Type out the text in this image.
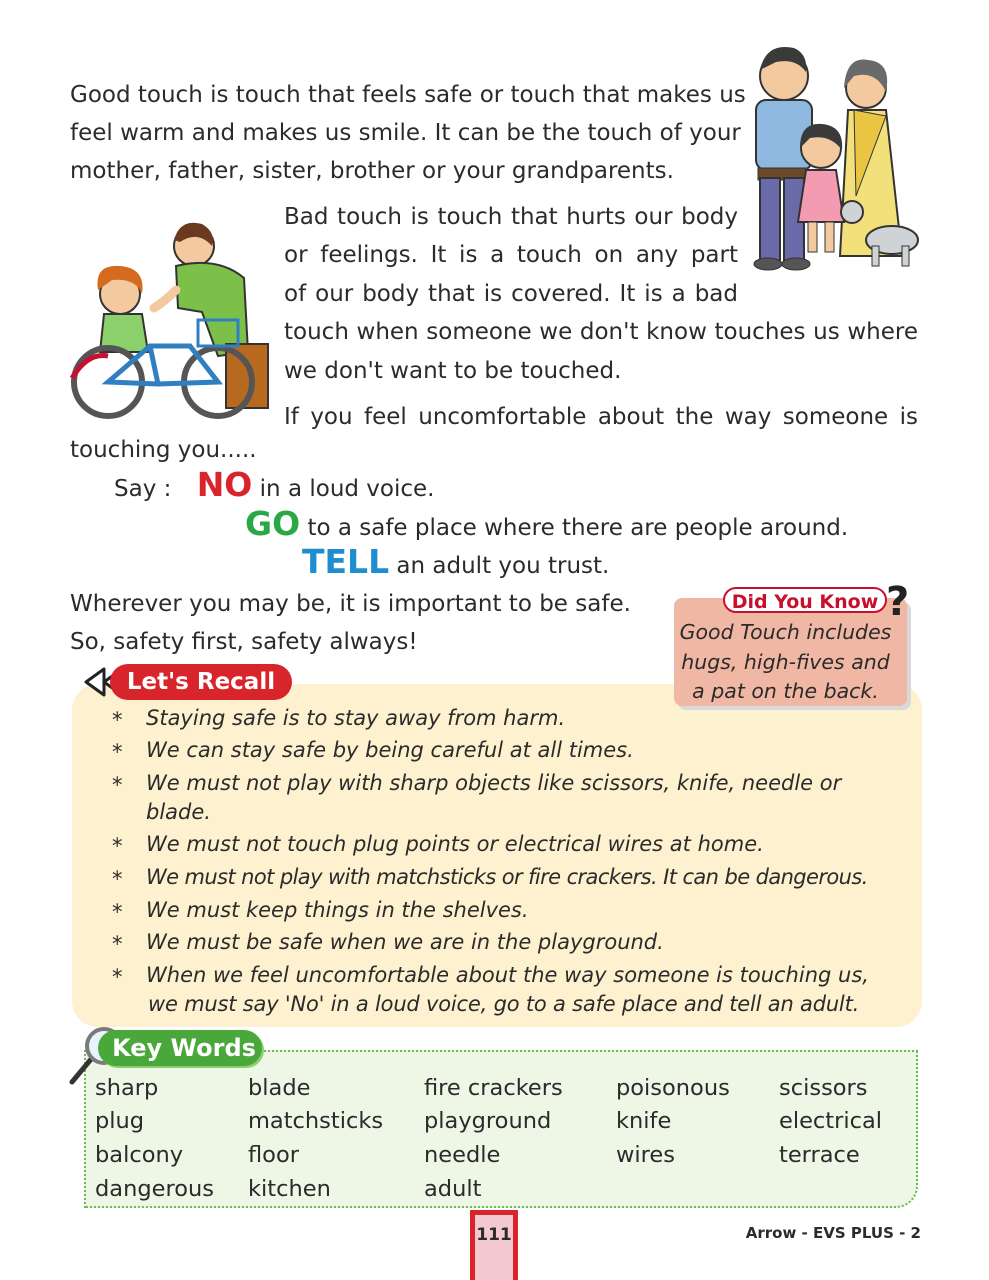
Good touch is touch that feels safe or touch that makes us
feel warm and makes us smile. It can be the touch of your
mother, father, sister, brother or your grandparents.
Bad touch is touch that hurts our body
or feelings. It is a touch on any part
of our body that is covered. It is a bad
touch when someone we don't know touches us where
we don't want to be touched.
If you feel uncomfortable about the way someone is
touching you.....
Say : NO in a loud voice.
GO to a safe place where there are people around.
TELL an adult you trust.
Wherever you may be, it is important to be safe.
So, safety first, safety always!
Did You Know ?
Good Touch includes
hugs, high-fives and
a pat on the back.
Let's Recall
* Staying safe is to stay away from harm.
* We can stay safe by being careful at all times.
* We must not play with sharp objects like scissors, knife, needle or
blade.
* We must not touch plug points or electrical wires at home.
* We must not play with matchsticks or fire crackers. It can be dangerous.
* We must keep things in the shelves.
* We must be safe when we are in the playground.
* When we feel uncomfortable about the way someone is touching us,
we must say 'No' in a loud voice, go to a safe place and tell an adult.
Key Words
sharp
plug
balcony
dangerous
blade
matchsticks
floor
kitchen
fire crackers
playground
needle
adult
poisonous
knife
wires
scissors
electrical
terrace
111	Arrow - EVS PLUS - 2
